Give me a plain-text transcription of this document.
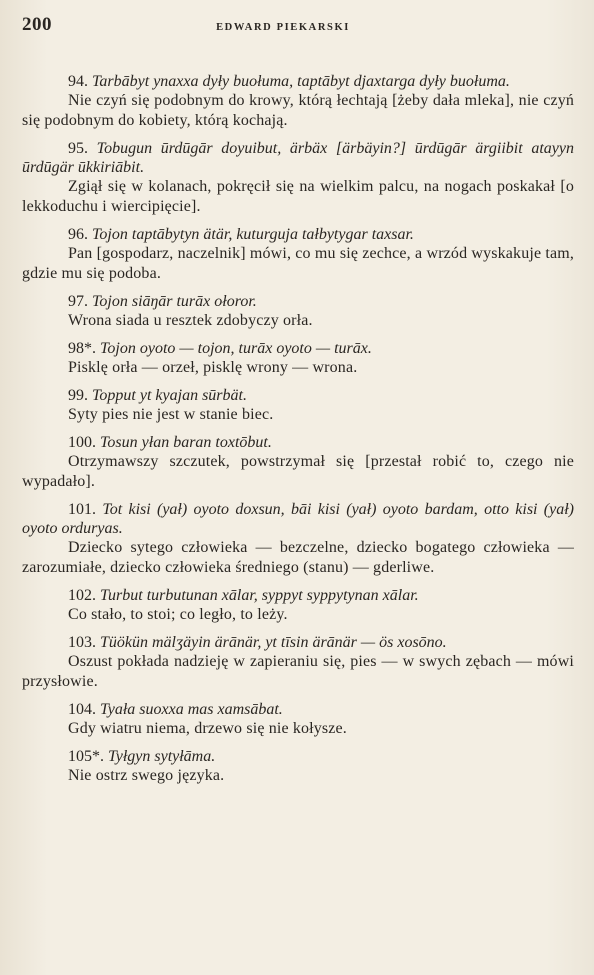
200	EDWARD PIEKARSKI
94. Tarbābyt ynaxxa dyły buołuma, taptābyt djaxtarga dyły buołuma.
Nie czyń się podobnym do krowy, którą łechtają [żeby dała mleka], nie czyń się podobnym do kobiety, którą kochają.
95. Tobugun ūrdūgār doyuibut, ärbäx [ärbäyin?] ūrdūgār ärgiibit atayyn ūrdūgär ūkkiriābit.
Zgiął się w kolanach, pokręcił się na wielkim palcu, na nogach poskakał [o lekkoduchu i wiercipięcie].
96. Tojon taptābytyn ätär, kuturguja tałbytygar taxsar.
Pan [gospodarz, naczelnik] mówi, co mu się zechce, a wrzód wyskakuje tam, gdzie mu się podoba.
97. Tojon siāŋār turāx ołoror.
Wrona siada u resztek zdobyczy orła.
98*. Tojon oyoto — tojon, turāx oyoto — turāx.
Pisklę orła — orzeł, pisklę wrony — wrona.
99. Topput yt kyajan sūrbät.
Syty pies nie jest w stanie biec.
100. Tosun yłan baran toxtōbut.
Otrzymawszy szczutek, powstrzymał się [przestał robić to, czego nie wypadało].
101. Tot kisi (yał) oyoto doxsun, bāi kisi (yał) oyoto bardam, otto kisi (yał) oyoto orduryas.
Dziecko sytego człowieka — bezczelne, dziecko bogatego człowieka — zarozumiałe, dziecko człowieka średniego (stanu) — gderliwe.
102. Turbut turbutunan xālar, syppyt syppytynan xālar.
Co stało, to stoi; co legło, to leży.
103. Tüökün mälʒäyin ärānär, yt tīsin ärānär — ös xosōno.
Oszust pokłada nadzieję w zapieraniu się, pies — w swych zębach — mówi przysłowie.
104. Tyała suoxxa mas xamsābat.
Gdy wiatru niema, drzewo się nie kołysze.
105*. Tyłgyn sytyłāma.
Nie ostrz swego języka.
